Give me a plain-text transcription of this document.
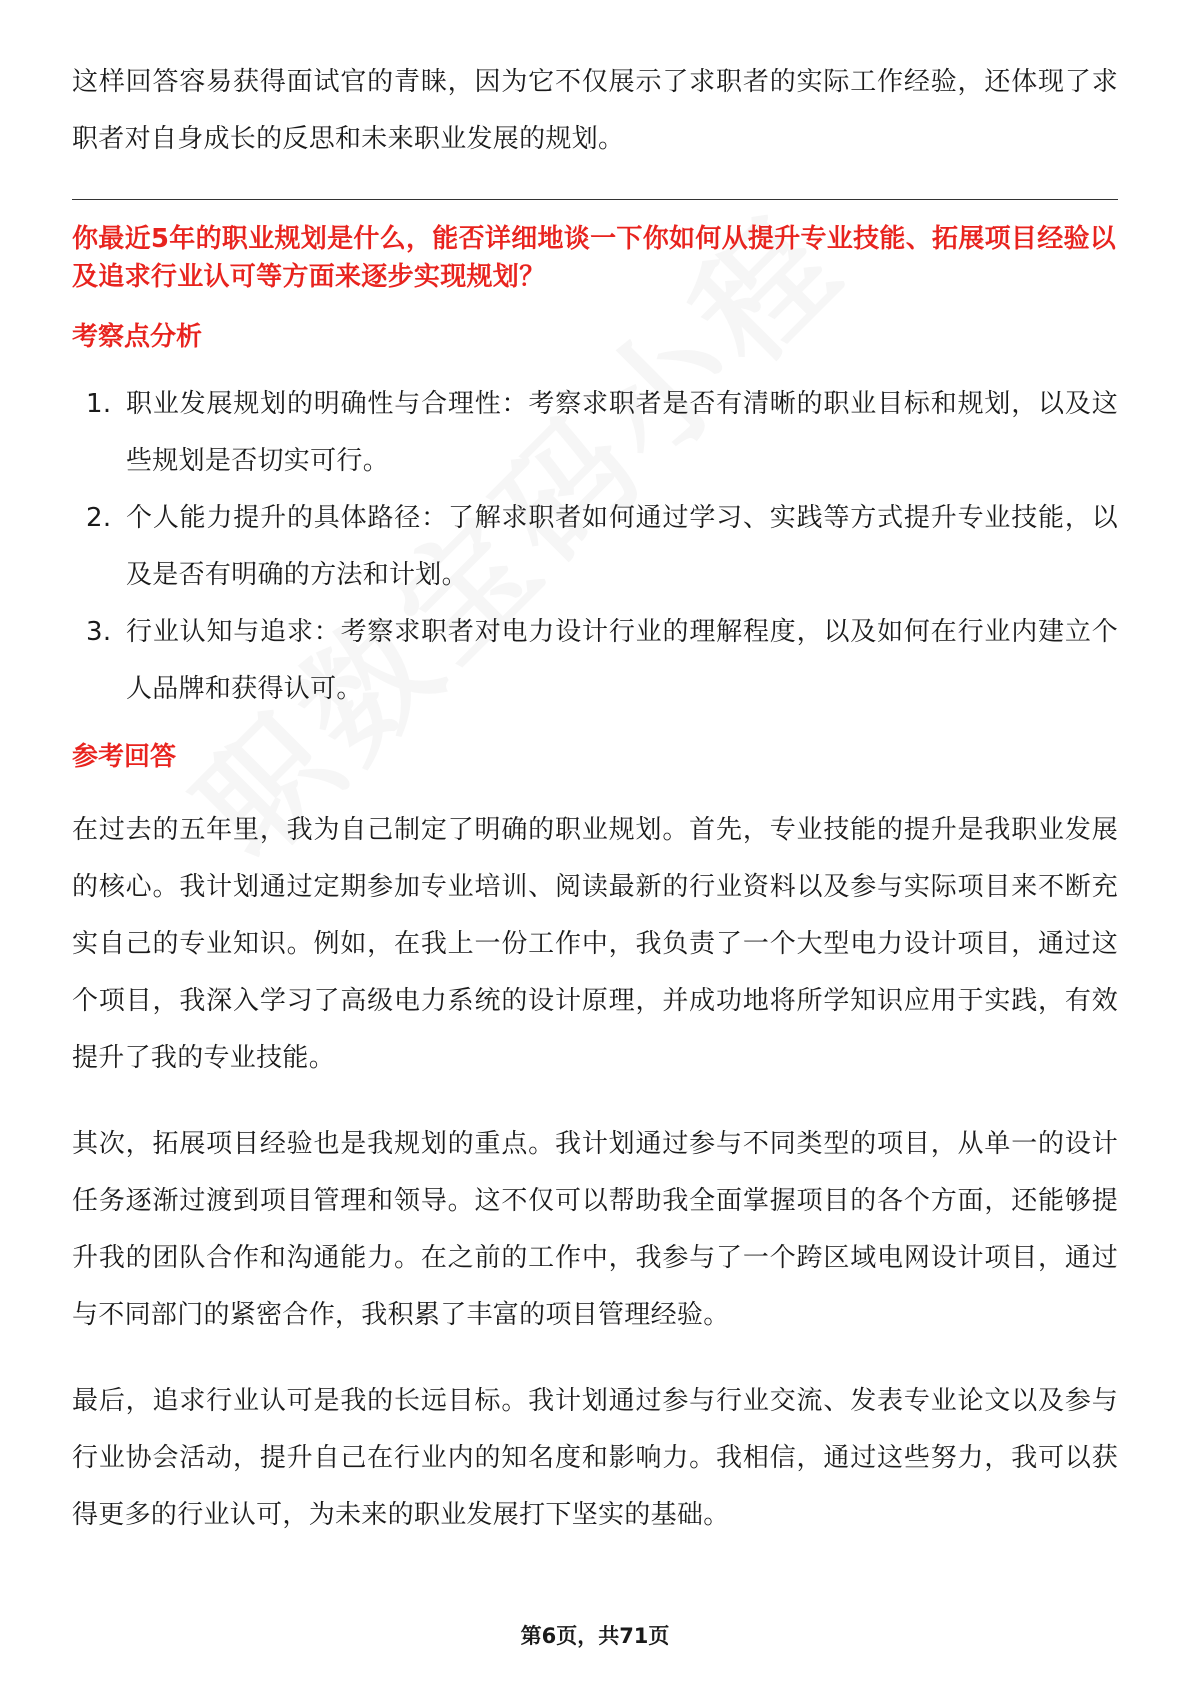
这样回答容易获得面试官的青睐，因为它不仅展示了求职者的实际工作经验，还体现了求职者对自身成长的反思和未来职业发展的规划。

你最近5年的职业规划是什么，能否详细地谈一下你如何从提升专业技能、拓展项目经验以及追求行业认可等方面来逐步实现规划？
考察点分析
1. 职业发展规划的明确性与合理性：考察求职者是否有清晰的职业目标和规划，以及这些规划是否切实可行。
2. 个人能力提升的具体路径：了解求职者如何通过学习、实践等方式提升专业技能，以及是否有明确的方法和计划。
3. 行业认知与追求：考察求职者对电力设计行业的理解程度，以及如何在行业内建立个人品牌和获得认可。
参考回答

在过去的五年里，我为自己制定了明确的职业规划。首先，专业技能的提升是我职业发展的核心。我计划通过定期参加专业培训、阅读最新的行业资料以及参与实际项目来不断充实自己的专业知识。例如，在我上一份工作中，我负责了一个大型电力设计项目，通过这个项目，我深入学习了高级电力系统的设计原理，并成功地将所学知识应用于实践，有效提升了我的专业技能。

其次，拓展项目经验也是我规划的重点。我计划通过参与不同类型的项目，从单一的设计任务逐渐过渡到项目管理和领导。这不仅可以帮助我全面掌握项目的各个方面，还能够提升我的团队合作和沟通能力。在之前的工作中，我参与了一个跨区域电网设计项目，通过与不同部门的紧密合作，我积累了丰富的项目管理经验。

最后，追求行业认可是我的长远目标。我计划通过参与行业交流、发表专业论文以及参与行业协会活动，提升自己在行业内的知名度和影响力。我相信，通过这些努力，我可以获得更多的行业认可，为未来的职业发展打下坚实的基础。

第6页，共71页
